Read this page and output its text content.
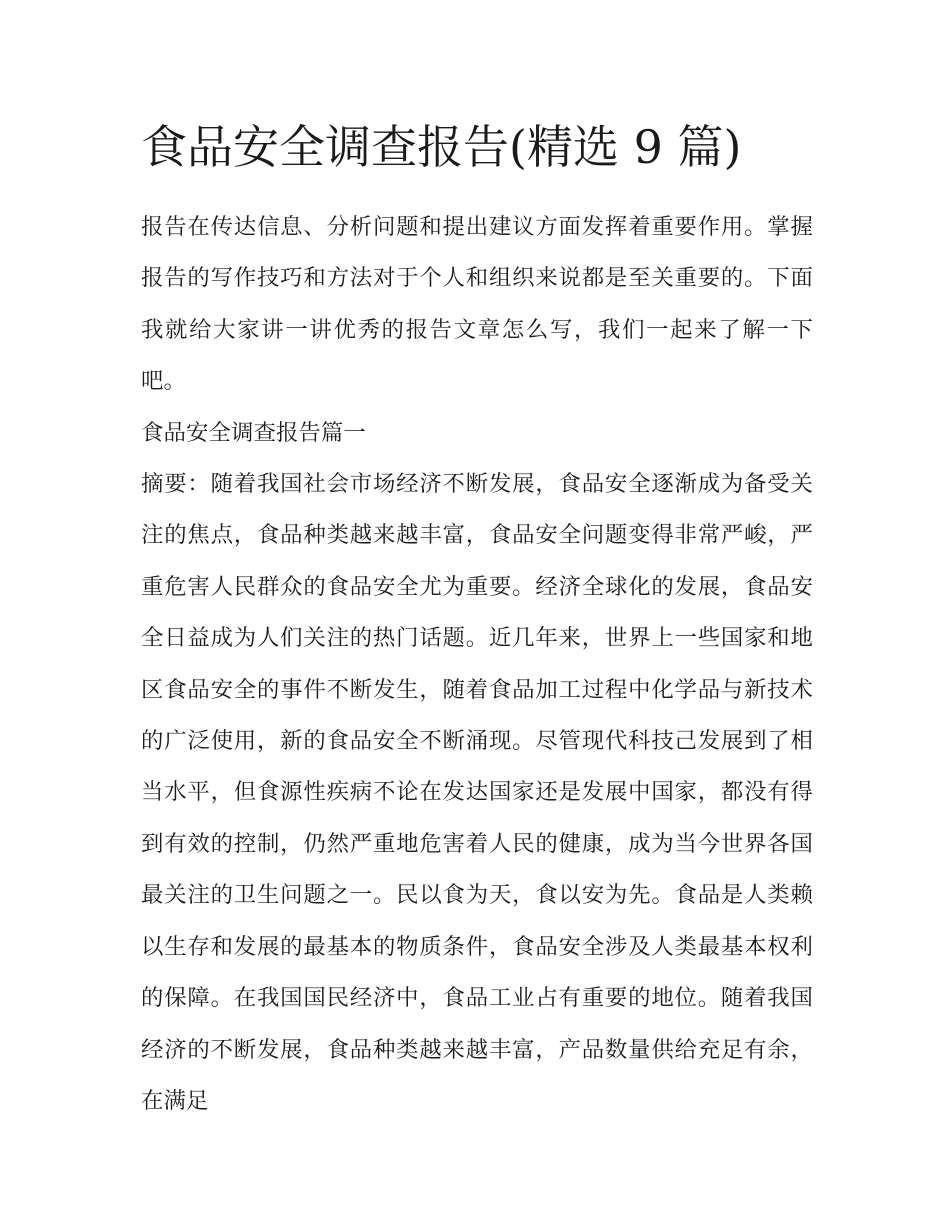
食品安全调查报告(精选 9 篇)

报告在传达信息、分析问题和提出建议方面发挥着重要作用。掌握报告的写作技巧和方法对于个人和组织来说都是至关重要的。下面我就给大家讲一讲优秀的报告文章怎么写，我们一起来了解一下吧。

食品安全调查报告篇一

摘要：随着我国社会市场经济不断发展，食品安全逐渐成为备受关注的焦点，食品种类越来越丰富，食品安全问题变得非常严峻，严重危害人民群众的食品安全尤为重要。经济全球化的发展，食品安全日益成为人们关注的热门话题。近几年来，世界上一些国家和地区食品安全的事件不断发生，随着食品加工过程中化学品与新技术的广泛使用，新的食品安全不断涌现。尽管现代科技己发展到了相当水平，但食源性疾病不论在发达国家还是发展中国家，都没有得到有效的控制，仍然严重地危害着人民的健康，成为当今世界各国最关注的卫生问题之一。民以食为天，食以安为先。食品是人类赖以生存和发展的最基本的物质条件，食品安全涉及人类最基本权利的保障。在我国国民经济中，食品工业占有重要的地位。随着我国经济的不断发展，食品种类越来越丰富，产品数量供给充足有余，在满足
